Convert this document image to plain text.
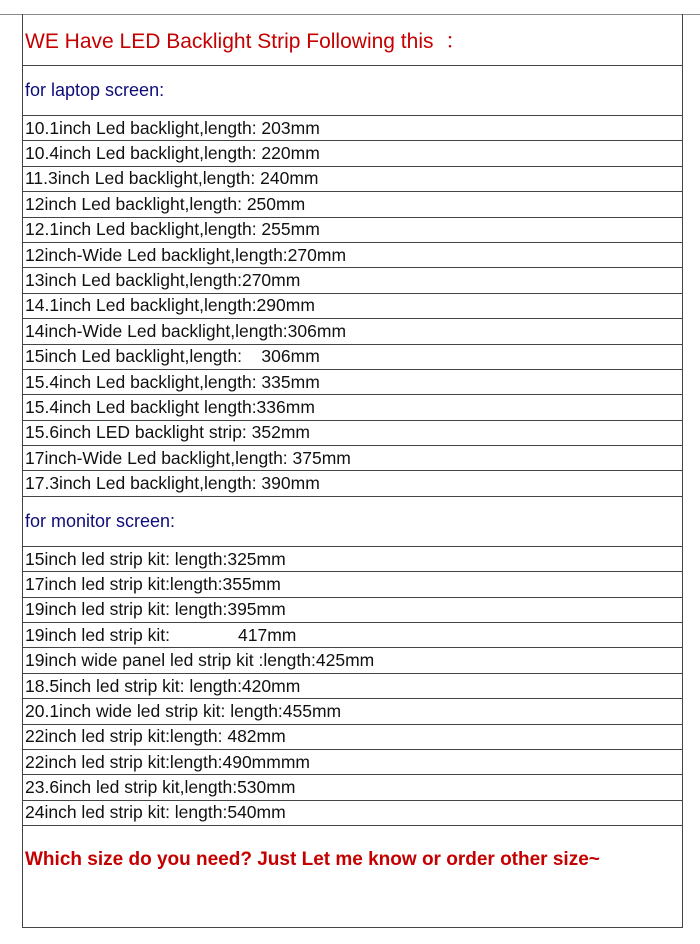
WE Have LED Backlight Strip Following this  ：
for laptop screen:
10.1inch Led backlight,length: 203mm
10.4inch Led backlight,length: 220mm
11.3inch Led backlight,length: 240mm
12inch Led backlight,length: 250mm
12.1inch Led backlight,length: 255mm
12inch-Wide Led backlight,length:270mm
13inch Led backlight,length:270mm
14.1inch Led backlight,length:290mm
14inch-Wide Led backlight,length:306mm
15inch Led backlight,length:    306mm
15.4inch Led backlight,length: 335mm
15.4inch Led backlight length:336mm
15.6inch LED backlight strip: 352mm
17inch-Wide Led backlight,length: 375mm
17.3inch Led backlight,length: 390mm
for monitor screen:
15inch led strip kit: length:325mm
17inch led strip kit:length:355mm
19inch led strip kit: length:395mm
19inch led strip kit:              417mm
19inch wide panel led strip kit :length:425mm
18.5inch led strip kit: length:420mm
20.1inch wide led strip kit: length:455mm
22inch led strip kit:length: 482mm
22inch led strip kit:length:490mmmm
23.6inch led strip kit,length:530mm
24inch led strip kit: length:540mm
Which size do you need? Just Let me know or order other size~
